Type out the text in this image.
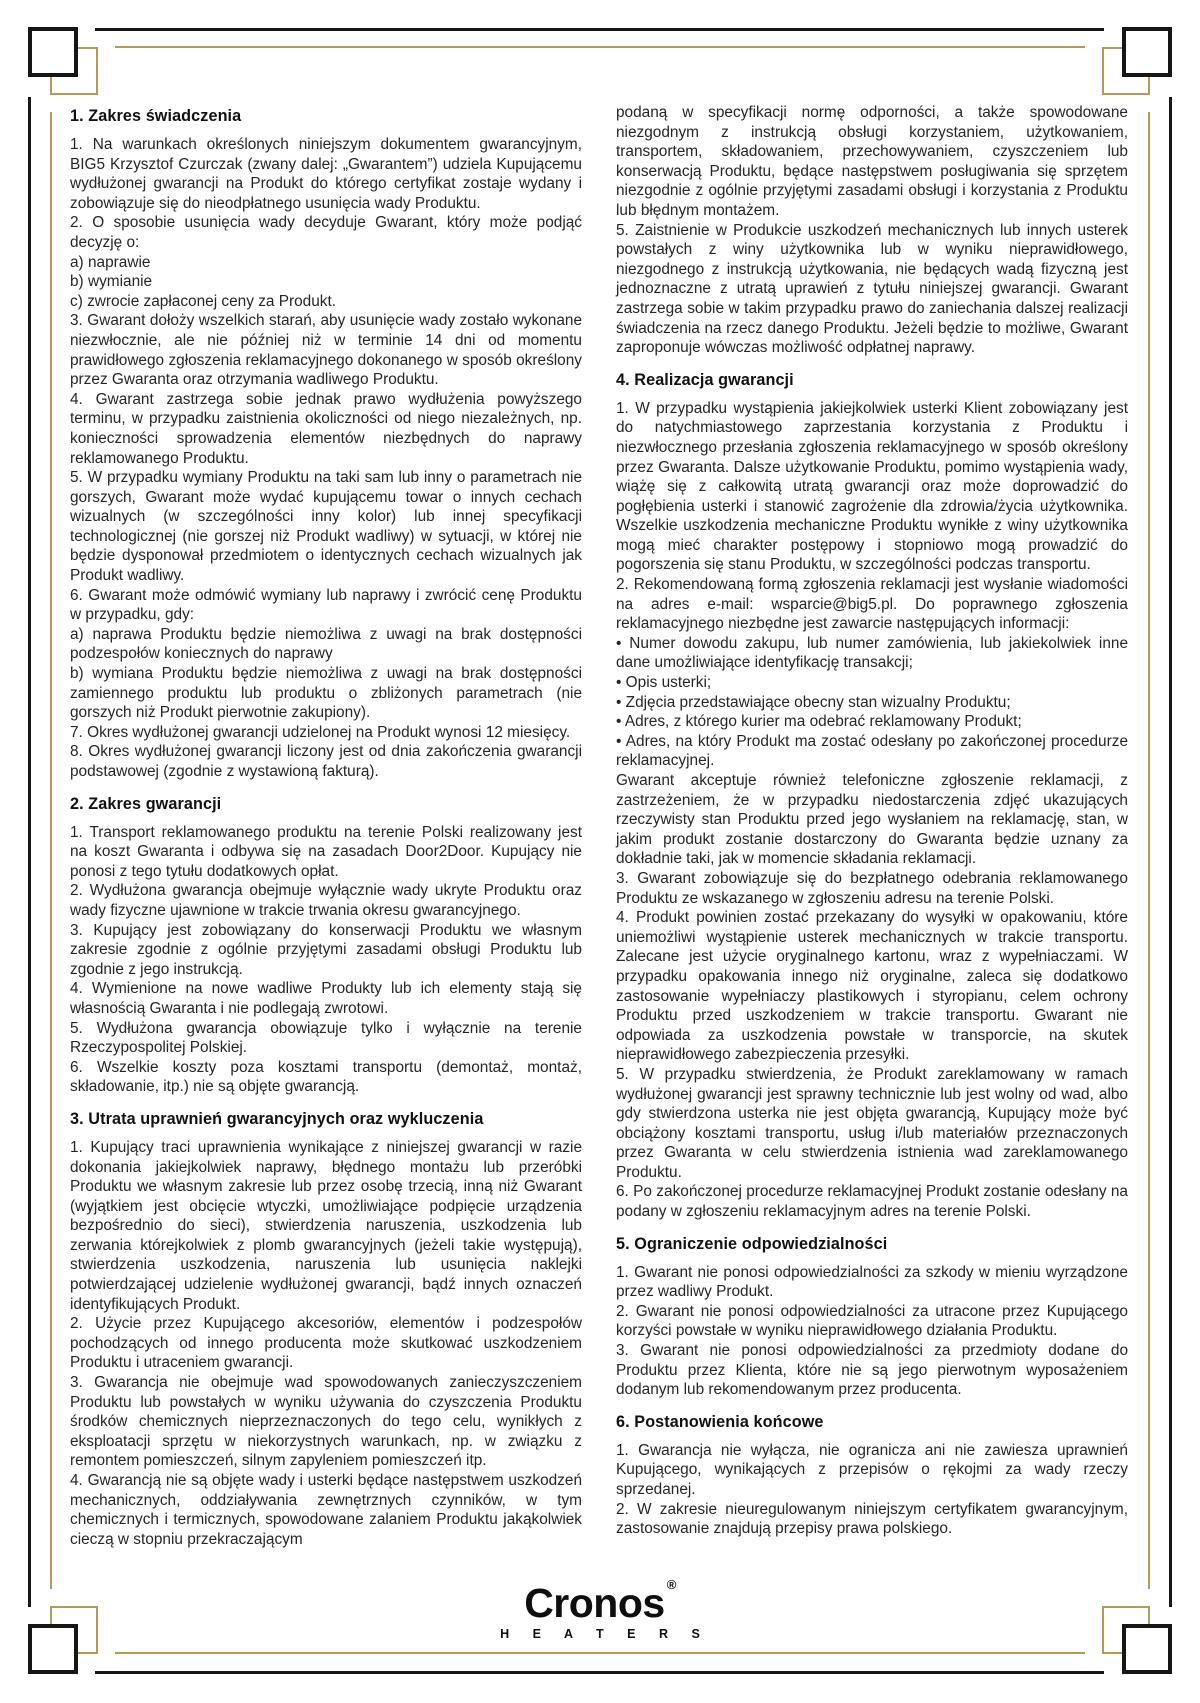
1. Zakres świadczenia

1. Na warunkach określonych niniejszym dokumentem gwarancyjnym, BIG5 Krzysztof Czurczak (zwany dalej: „Gwarantem”) udziela Kupującemu wydłużonej gwarancji na Produkt do którego certyfikat zostaje wydany i zobowiązuje się do nieodpłatnego usunięcia wady Produktu.

2. O sposobie usunięcia wady decyduje Gwarant, który może podjąć decyzję o:

a) naprawie

b) wymianie

c) zwrocie zapłaconej ceny za Produkt.

3. Gwarant dołoży wszelkich starań, aby usunięcie wady zostało wykonane niezwłocznie, ale nie później niż w terminie 14 dni od momentu prawidłowego zgłoszenia reklamacyjnego dokonanego w sposób określony przez Gwaranta oraz otrzymania wadliwego Produktu.

4. Gwarant zastrzega sobie jednak prawo wydłużenia powyższego terminu, w przypadku zaistnienia okoliczności od niego niezależnych, np. konieczności sprowadzenia elementów niezbędnych do naprawy reklamowanego Produktu.

5. W przypadku wymiany Produktu na taki sam lub inny o parametrach nie gorszych, Gwarant może wydać kupującemu towar o innych cechach wizualnych (w szczególności inny kolor) lub innej specyfikacji technologicznej (nie gorszej niż Produkt wadliwy) w sytuacji, w której nie będzie dysponował przedmiotem o identycznych cechach wizualnych jak Produkt wadliwy.

6. Gwarant może odmówić wymiany lub naprawy i zwrócić cenę Produktu w przypadku, gdy:

a) naprawa Produktu będzie niemożliwa z uwagi na brak dostępności podzespołów koniecznych do naprawy

b) wymiana Produktu będzie niemożliwa z uwagi na brak dostępności zamiennego produktu lub produktu o zbliżonych parametrach (nie gorszych niż Produkt pierwotnie zakupiony).

7. Okres wydłużonej gwarancji udzielonej na Produkt wynosi 12 miesięcy.

8. Okres wydłużonej gwarancji liczony jest od dnia zakończenia gwarancji podstawowej (zgodnie z wystawioną fakturą).

2. Zakres gwarancji

1. Transport reklamowanego produktu na terenie Polski realizowany jest na koszt Gwaranta i odbywa się na zasadach Door2Door. Kupujący nie ponosi z tego tytułu dodatkowych opłat.

2. Wydłużona gwarancja obejmuje wyłącznie wady ukryte Produktu oraz wady fizyczne ujawnione w trakcie trwania okresu gwarancyjnego.

3. Kupujący jest zobowiązany do konserwacji Produktu we własnym zakresie zgodnie z ogólnie przyjętymi zasadami obsługi Produktu lub zgodnie z jego instrukcją.

4. Wymienione na nowe wadliwe Produkty lub ich elementy stają się własnością Gwaranta i nie podlegają zwrotowi.

5. Wydłużona gwarancja obowiązuje tylko i wyłącznie na terenie Rzeczypospolitej Polskiej.

6. Wszelkie koszty poza kosztami transportu (demontaż, montaż, składowanie, itp.) nie są objęte gwarancją.

3. Utrata uprawnień gwarancyjnych oraz wykluczenia

1. Kupujący traci uprawnienia wynikające z niniejszej gwarancji w razie dokonania jakiejkolwiek naprawy, błędnego montażu lub przeróbki Produktu we własnym zakresie lub przez osobę trzecią, inną niż Gwarant (wyjątkiem jest obcięcie wtyczki, umożliwiające podpięcie urządzenia bezpośrednio do sieci), stwierdzenia naruszenia, uszkodzenia lub zerwania którejkolwiek z plomb gwarancyjnych (jeżeli takie występują), stwierdzenia uszkodzenia, naruszenia lub usunięcia naklejki potwierdzającej udzielenie wydłużonej gwarancji, bądź innych oznaczeń identyfikujących Produkt.

2. Użycie przez Kupującego akcesoriów, elementów i podzespołów pochodzących od innego producenta może skutkować uszkodzeniem Produktu i utraceniem gwarancji.

3. Gwarancja nie obejmuje wad spowodowanych zanieczyszczeniem Produktu lub powstałych w wyniku używania do czyszczenia Produktu środków chemicznych nieprzeznaczonych do tego celu, wynikłych z eksploatacji sprzętu w niekorzystnych warunkach, np. w związku z remontem pomieszczeń, silnym zapyleniem pomieszczeń itp.

4. Gwarancją nie są objęte wady i usterki będące następstwem uszkodzeń mechanicznych, oddziaływania zewnętrznych czynników, w tym chemicznych i termicznych, spowodowane zalaniem Produktu jakąkolwiek cieczą w stopniu przekraczającym

podaną w specyfikacji normę odporności, a także spowodowane niezgodnym z instrukcją obsługi korzystaniem, użytkowaniem, transportem, składowaniem, przechowywaniem, czyszczeniem lub konserwacją Produktu, będące następstwem posługiwania się sprzętem niezgodnie z ogólnie przyjętymi zasadami obsługi i korzystania z Produktu lub błędnym montażem.

5. Zaistnienie w Produkcie uszkodzeń mechanicznych lub innych usterek powstałych z winy użytkownika lub w wyniku nieprawidłowego, niezgodnego z instrukcją użytkowania, nie będących wadą fizyczną jest jednoznaczne z utratą uprawień z tytułu niniejszej gwarancji. Gwarant zastrzega sobie w takim przypadku prawo do zaniechania dalszej realizacji świadczenia na rzecz danego Produktu. Jeżeli będzie to możliwe, Gwarant zaproponuje wówczas możliwość odpłatnej naprawy.

4. Realizacja gwarancji

1. W przypadku wystąpienia jakiejkolwiek usterki Klient zobowiązany jest do natychmiastowego zaprzestania korzystania z Produktu i niezwłocznego przesłania zgłoszenia reklamacyjnego w sposób określony przez Gwaranta. Dalsze użytkowanie Produktu, pomimo wystąpienia wady, wiążę się z całkowitą utratą gwarancji oraz może doprowadzić do pogłębienia usterki i stanowić zagrożenie dla zdrowia/życia użytkownika. Wszelkie uszkodzenia mechaniczne Produktu wynikłe z winy użytkownika mogą mieć charakter postępowy i stopniowo mogą prowadzić do pogorszenia się stanu Produktu, w szczególności podczas transportu.

2. Rekomendowaną formą zgłoszenia reklamacji jest wysłanie wiadomości na adres e-mail: wsparcie@big5.pl. Do poprawnego zgłoszenia reklamacyjnego niezbędne jest zawarcie następujących informacji:

• Numer dowodu zakupu, lub numer zamówienia, lub jakiekolwiek inne dane umożliwiające identyfikację transakcji;

• Opis usterki;

• Zdjęcia przedstawiające obecny stan wizualny Produktu;

• Adres, z którego kurier ma odebrać reklamowany Produkt;

• Adres, na który Produkt ma zostać odesłany po zakończonej procedurze reklamacyjnej.

Gwarant akceptuje również telefoniczne zgłoszenie reklamacji, z zastrzeżeniem, że w przypadku niedostarczenia zdjęć ukazujących rzeczywisty stan Produktu przed jego wysłaniem na reklamację, stan, w jakim produkt zostanie dostarczony do Gwaranta będzie uznany za dokładnie taki, jak w momencie składania reklamacji.

3. Gwarant zobowiązuje się do bezpłatnego odebrania reklamowanego Produktu ze wskazanego w zgłoszeniu adresu na terenie Polski.

4. Produkt powinien zostać przekazany do wysyłki w opakowaniu, które uniemożliwi wystąpienie usterek mechanicznych w trakcie transportu. Zalecane jest użycie oryginalnego kartonu, wraz z wypełniaczami. W przypadku opakowania innego niż oryginalne, zaleca się dodatkowo zastosowanie wypełniaczy plastikowych i styropianu, celem ochrony Produktu przed uszkodzeniem w trakcie transportu. Gwarant nie odpowiada za uszkodzenia powstałe w transporcie, na skutek nieprawidłowego zabezpieczenia przesyłki.

5. W przypadku stwierdzenia, że Produkt zareklamowany w ramach wydłużonej gwarancji jest sprawny technicznie lub jest wolny od wad, albo gdy stwierdzona usterka nie jest objęta gwarancją, Kupujący może być obciążony kosztami transportu, usług i/lub materiałów przeznaczonych przez Gwaranta w celu stwierdzenia istnienia wad zareklamowanego Produktu.

6. Po zakończonej procedurze reklamacyjnej Produkt zostanie odesłany na podany w zgłoszeniu reklamacyjnym adres na terenie Polski.

5. Ograniczenie odpowiedzialności

1. Gwarant nie ponosi odpowiedzialności za szkody w mieniu wyrządzone przez wadliwy Produkt.

2. Gwarant nie ponosi odpowiedzialności za utracone przez Kupującego korzyści powstałe w wyniku nieprawidłowego działania Produktu.

3. Gwarant nie ponosi odpowiedzialności za przedmioty dodane do Produktu przez Klienta, które nie są jego pierwotnym wyposażeniem dodanym lub rekomendowanym przez producenta.

6. Postanowienia końcowe

1. Gwarancja nie wyłącza, nie ogranicza ani nie zawiesza uprawnień Kupującego, wynikających z przepisów o rękojmi za wady rzeczy sprzedanej.

2. W zakresie nieuregulowanym niniejszym certyfikatem gwarancyjnym, zastosowanie znajdują przepisy prawa polskiego.

Cronos ®
H E A T E R S
